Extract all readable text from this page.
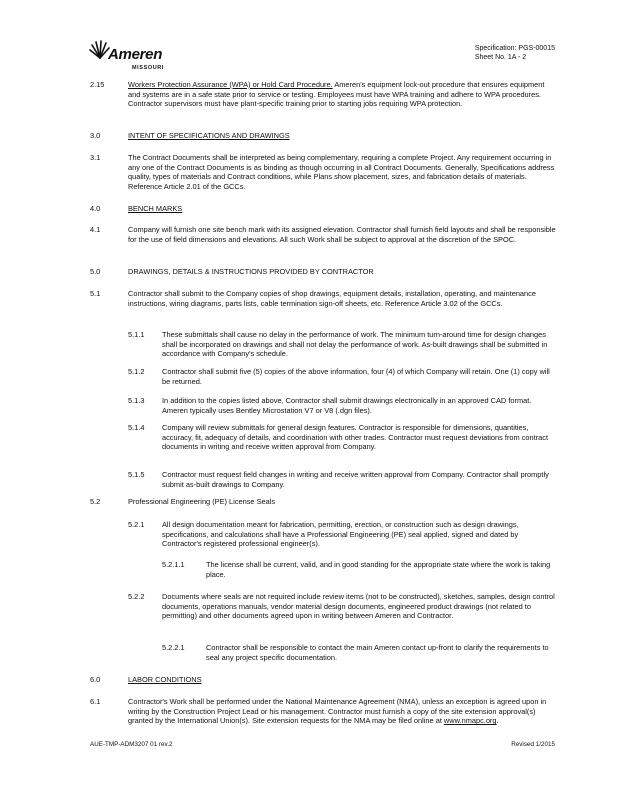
Ameren
MISSOURI
Specification: PGS-00015
Sheet No. 1A - 2
2.15	Workers Protection Assurance (WPA) or Hold Card Procedure. Ameren's equipment lock-out procedure that ensures equipment and systems are in a safe state prior to service or testing. Employees must have WPA training and adhere to WPA procedures. Contractor supervisors must have plant-specific training prior to starting jobs requiring WPA protection.
3.0	INTENT OF SPECIFICATIONS AND DRAWINGS
3.1	The Contract Documents shall be interpreted as being complementary, requiring a complete Project. Any requirement occurring in any one of the Contract Documents is as binding as though occurring in all Contract Documents. Generally, Specifications address quality, types of materials and Contract conditions, while Plans show placement, sizes, and fabrication details of materials. Reference Article 2.01 of the GCCs.
4.0	BENCH MARKS
4.1	Company will furnish one site bench mark with its assigned elevation. Contractor shall furnish field layouts and shall be responsible for the use of field dimensions and elevations. All such Work shall be subject to approval at the discretion of the SPOC.
5.0	DRAWINGS, DETAILS & INSTRUCTIONS PROVIDED BY CONTRACTOR
5.1	Contractor shall submit to the Company copies of shop drawings, equipment details, installation, operating, and maintenance instructions, wiring diagrams, parts lists, cable termination sign-off sheets, etc. Reference Article 3.02 of the GCCs.
5.1.1 These submittals shall cause no delay in the performance of work. The minimum turn-around time for design changes shall be incorporated on drawings and shall not delay the performance of work. As-built drawings shall be submitted in accordance with Company's schedule.
5.1.2 Contractor shall submit five (5) copies of the above information, four (4) of which Company will retain. One (1) copy will be returned.
5.1.3 In addition to the copies listed above, Contractor shall submit drawings electronically in an approved CAD format. Ameren typically uses Bentley Microstation V7 or V8 (.dgn files).
5.1.4 Company will review submittals for general design features. Contractor is responsible for dimensions, quantities, accuracy, fit, adequacy of details, and coordination with other trades. Contractor must request deviations from contract documents in writing and receive written approval from Company.
5.1.5 Contractor must request field changes in writing and receive written approval from Company. Contractor shall promptly submit as-built drawings to Company.
5.2	Professional Engineering (PE) License Seals
5.2.1 All design documentation meant for fabrication, permitting, erection, or construction such as design drawings, specifications, and calculations shall have a Professional Engineering (PE) seal applied, signed and dated by Contractor's registered professional engineer(s).
5.2.1.1	The license shall be current, valid, and in good standing for the appropriate state where the work is taking place.
5.2.2 Documents where seals are not required include review items (not to be constructed), sketches, samples, design control documents, operations manuals, vendor material design documents, engineered product drawings (not related to permitting) and other documents agreed upon in writing between Ameren and Contractor.
5.2.2.1	Contractor shall be responsible to contact the main Ameren contact up-front to clarify the requirements to seal any project specific documentation.
6.0	LABOR CONDITIONS
6.1	Contractor's Work shall be performed under the National Maintenance Agreement (NMA), unless an exception is agreed upon in writing by the Construction Project Lead or his management. Contractor must furnish a copy of the site extension approval(s) granted by the International Union(s). Site extension requests for the NMA may be filed online at www.nmapc.org.
AUE-TMP-ADM3207 01 rev.2	Revised 1/2015
